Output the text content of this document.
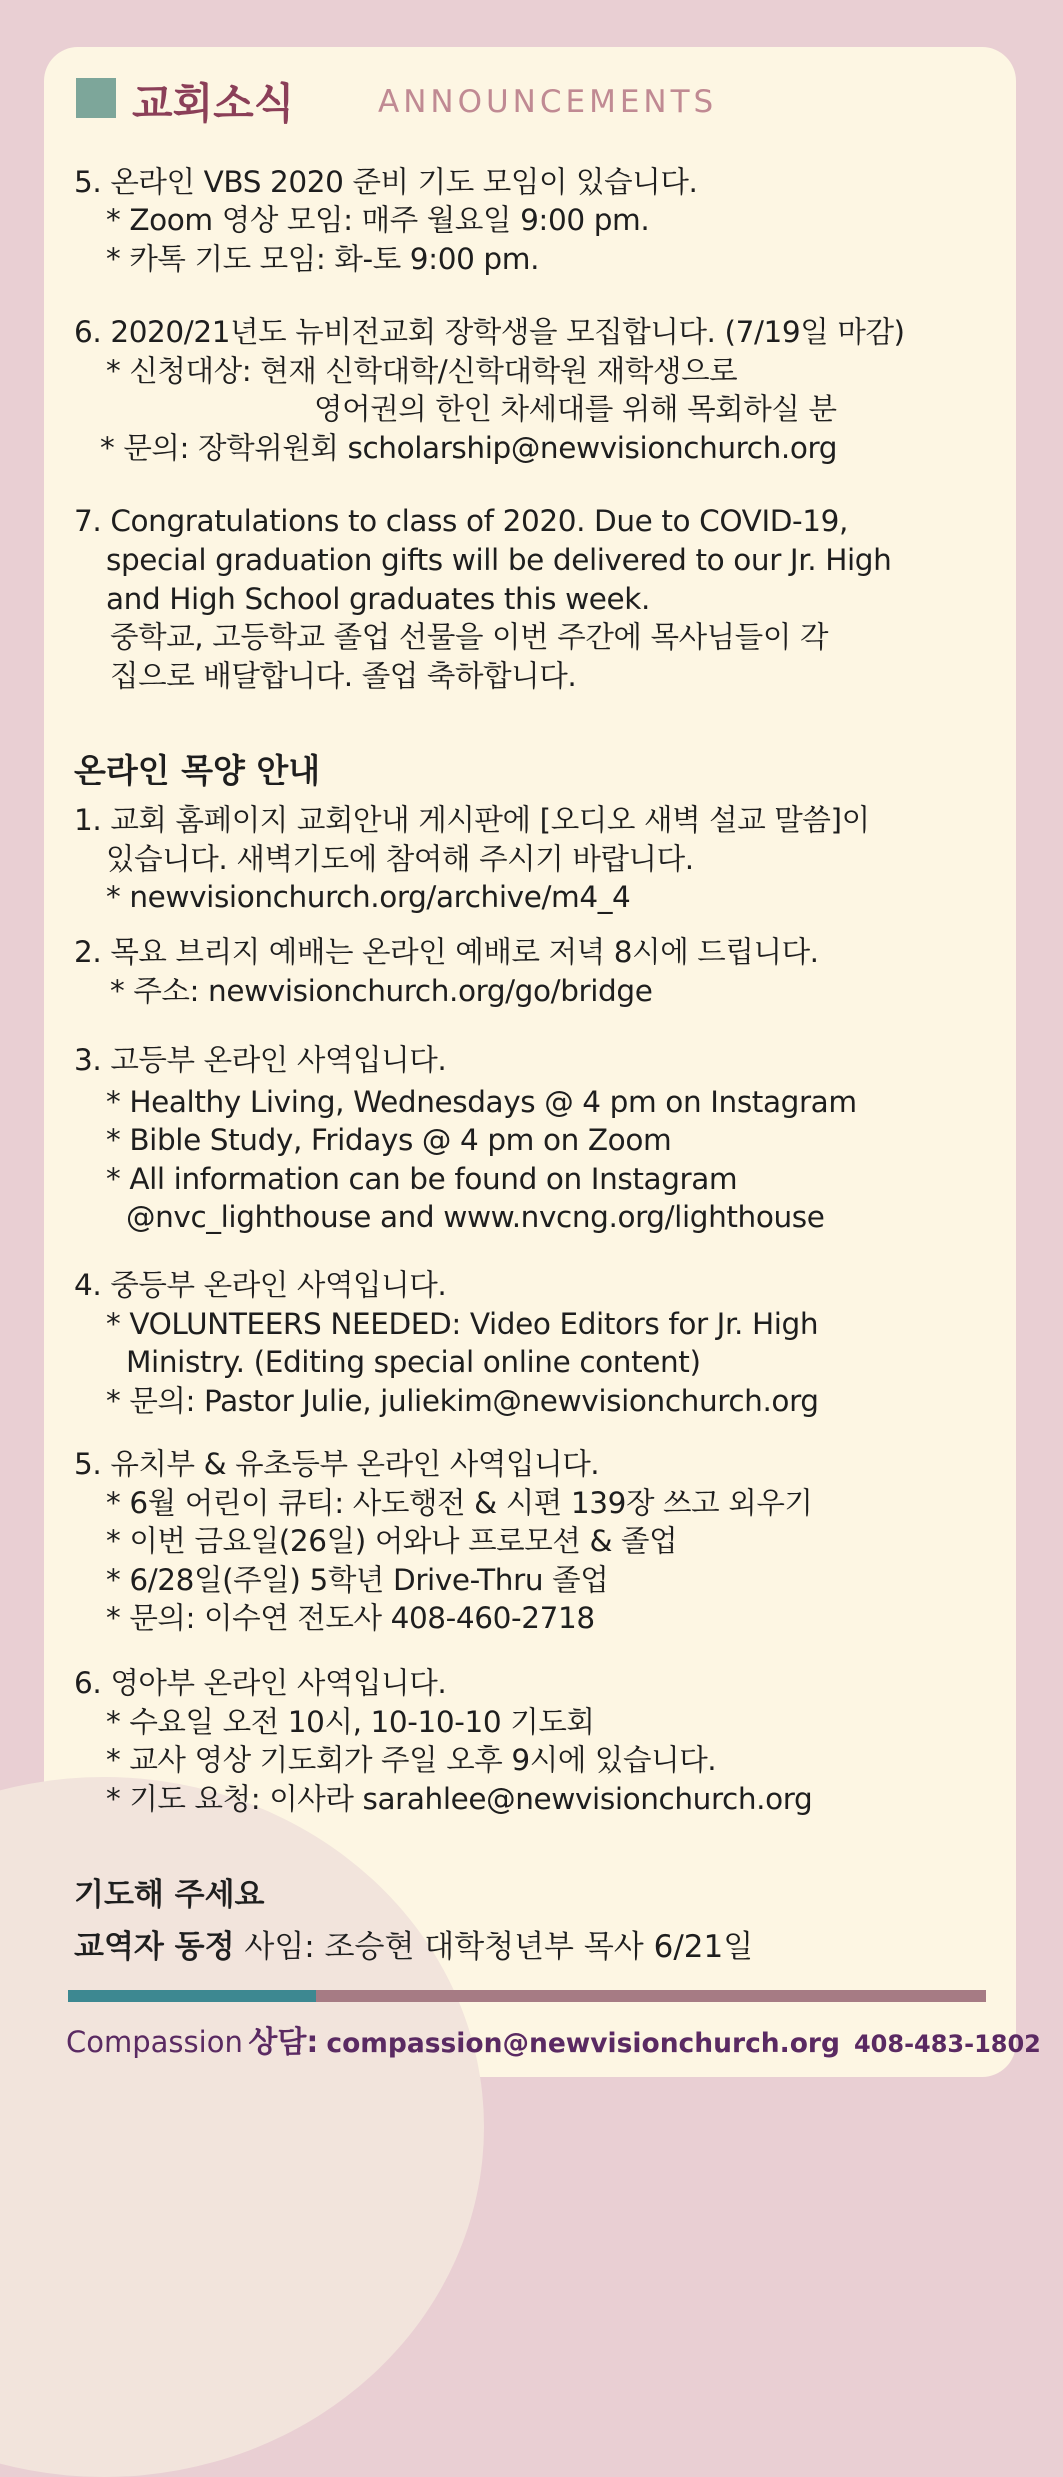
교회소식	ANNOUNCEMENTS
5. 온라인 VBS 2020 준비 기도 모임이 있습니다.
* Zoom 영상 모임: 매주 월요일 9:00 pm.
* 카톡 기도 모임: 화-토 9:00 pm.
6. 2020/21년도 뉴비전교회 장학생을 모집합니다. (7/19일 마감)
* 신청대상: 현재 신학대학/신학대학원 재학생으로
영어권의 한인 차세대를 위해 목회하실 분
* 문의: 장학위원회 scholarship@newvisionchurch.org
7. Congratulations to class of 2020. Due to COVID-19,
special graduation gifts will be delivered to our Jr. High
and High School graduates this week.
중학교, 고등학교 졸업 선물을 이번 주간에 목사님들이 각
집으로 배달합니다. 졸업 축하합니다.
온라인 목양 안내
1. 교회 홈페이지 교회안내 게시판에 [오디오 새벽 설교 말씀]이
있습니다. 새벽기도에 참여해 주시기 바랍니다.
* newvisionchurch.org/archive/m4_4
2. 목요 브리지 예배는 온라인 예배로 저녁 8시에 드립니다.
* 주소: newvisionchurch.org/go/bridge
3. 고등부 온라인 사역입니다.
* Healthy Living, Wednesdays @ 4 pm on Instagram
* Bible Study, Fridays @ 4 pm on Zoom
* All information can be found on Instagram
@nvc_lighthouse and www.nvcng.org/lighthouse
4. 중등부 온라인 사역입니다.
* VOLUNTEERS NEEDED: Video Editors for Jr. High
Ministry. (Editing special online content)
* 문의: Pastor Julie, juliekim@newvisionchurch.org
5. 유치부 & 유초등부 온라인 사역입니다.
* 6월 어린이 큐티: 사도행전 & 시편 139장 쓰고 외우기
* 이번 금요일(26일) 어와나 프로모션 & 졸업
* 6/28일(주일) 5학년 Drive-Thru 졸업
* 문의: 이수연 전도사 408-460-2718
6. 영아부 온라인 사역입니다.
* 수요일 오전 10시, 10-10-10 기도회
* 교사 영상 기도회가 주일 오후 9시에 있습니다.
* 기도 요청: 이사라 sarahlee@newvisionchurch.org
기도해 주세요
교역자 동정 사임: 조승현 대학청년부 목사 6/21일
Compassion 상담: compassion@newvisionchurch.org 408-483-1802
